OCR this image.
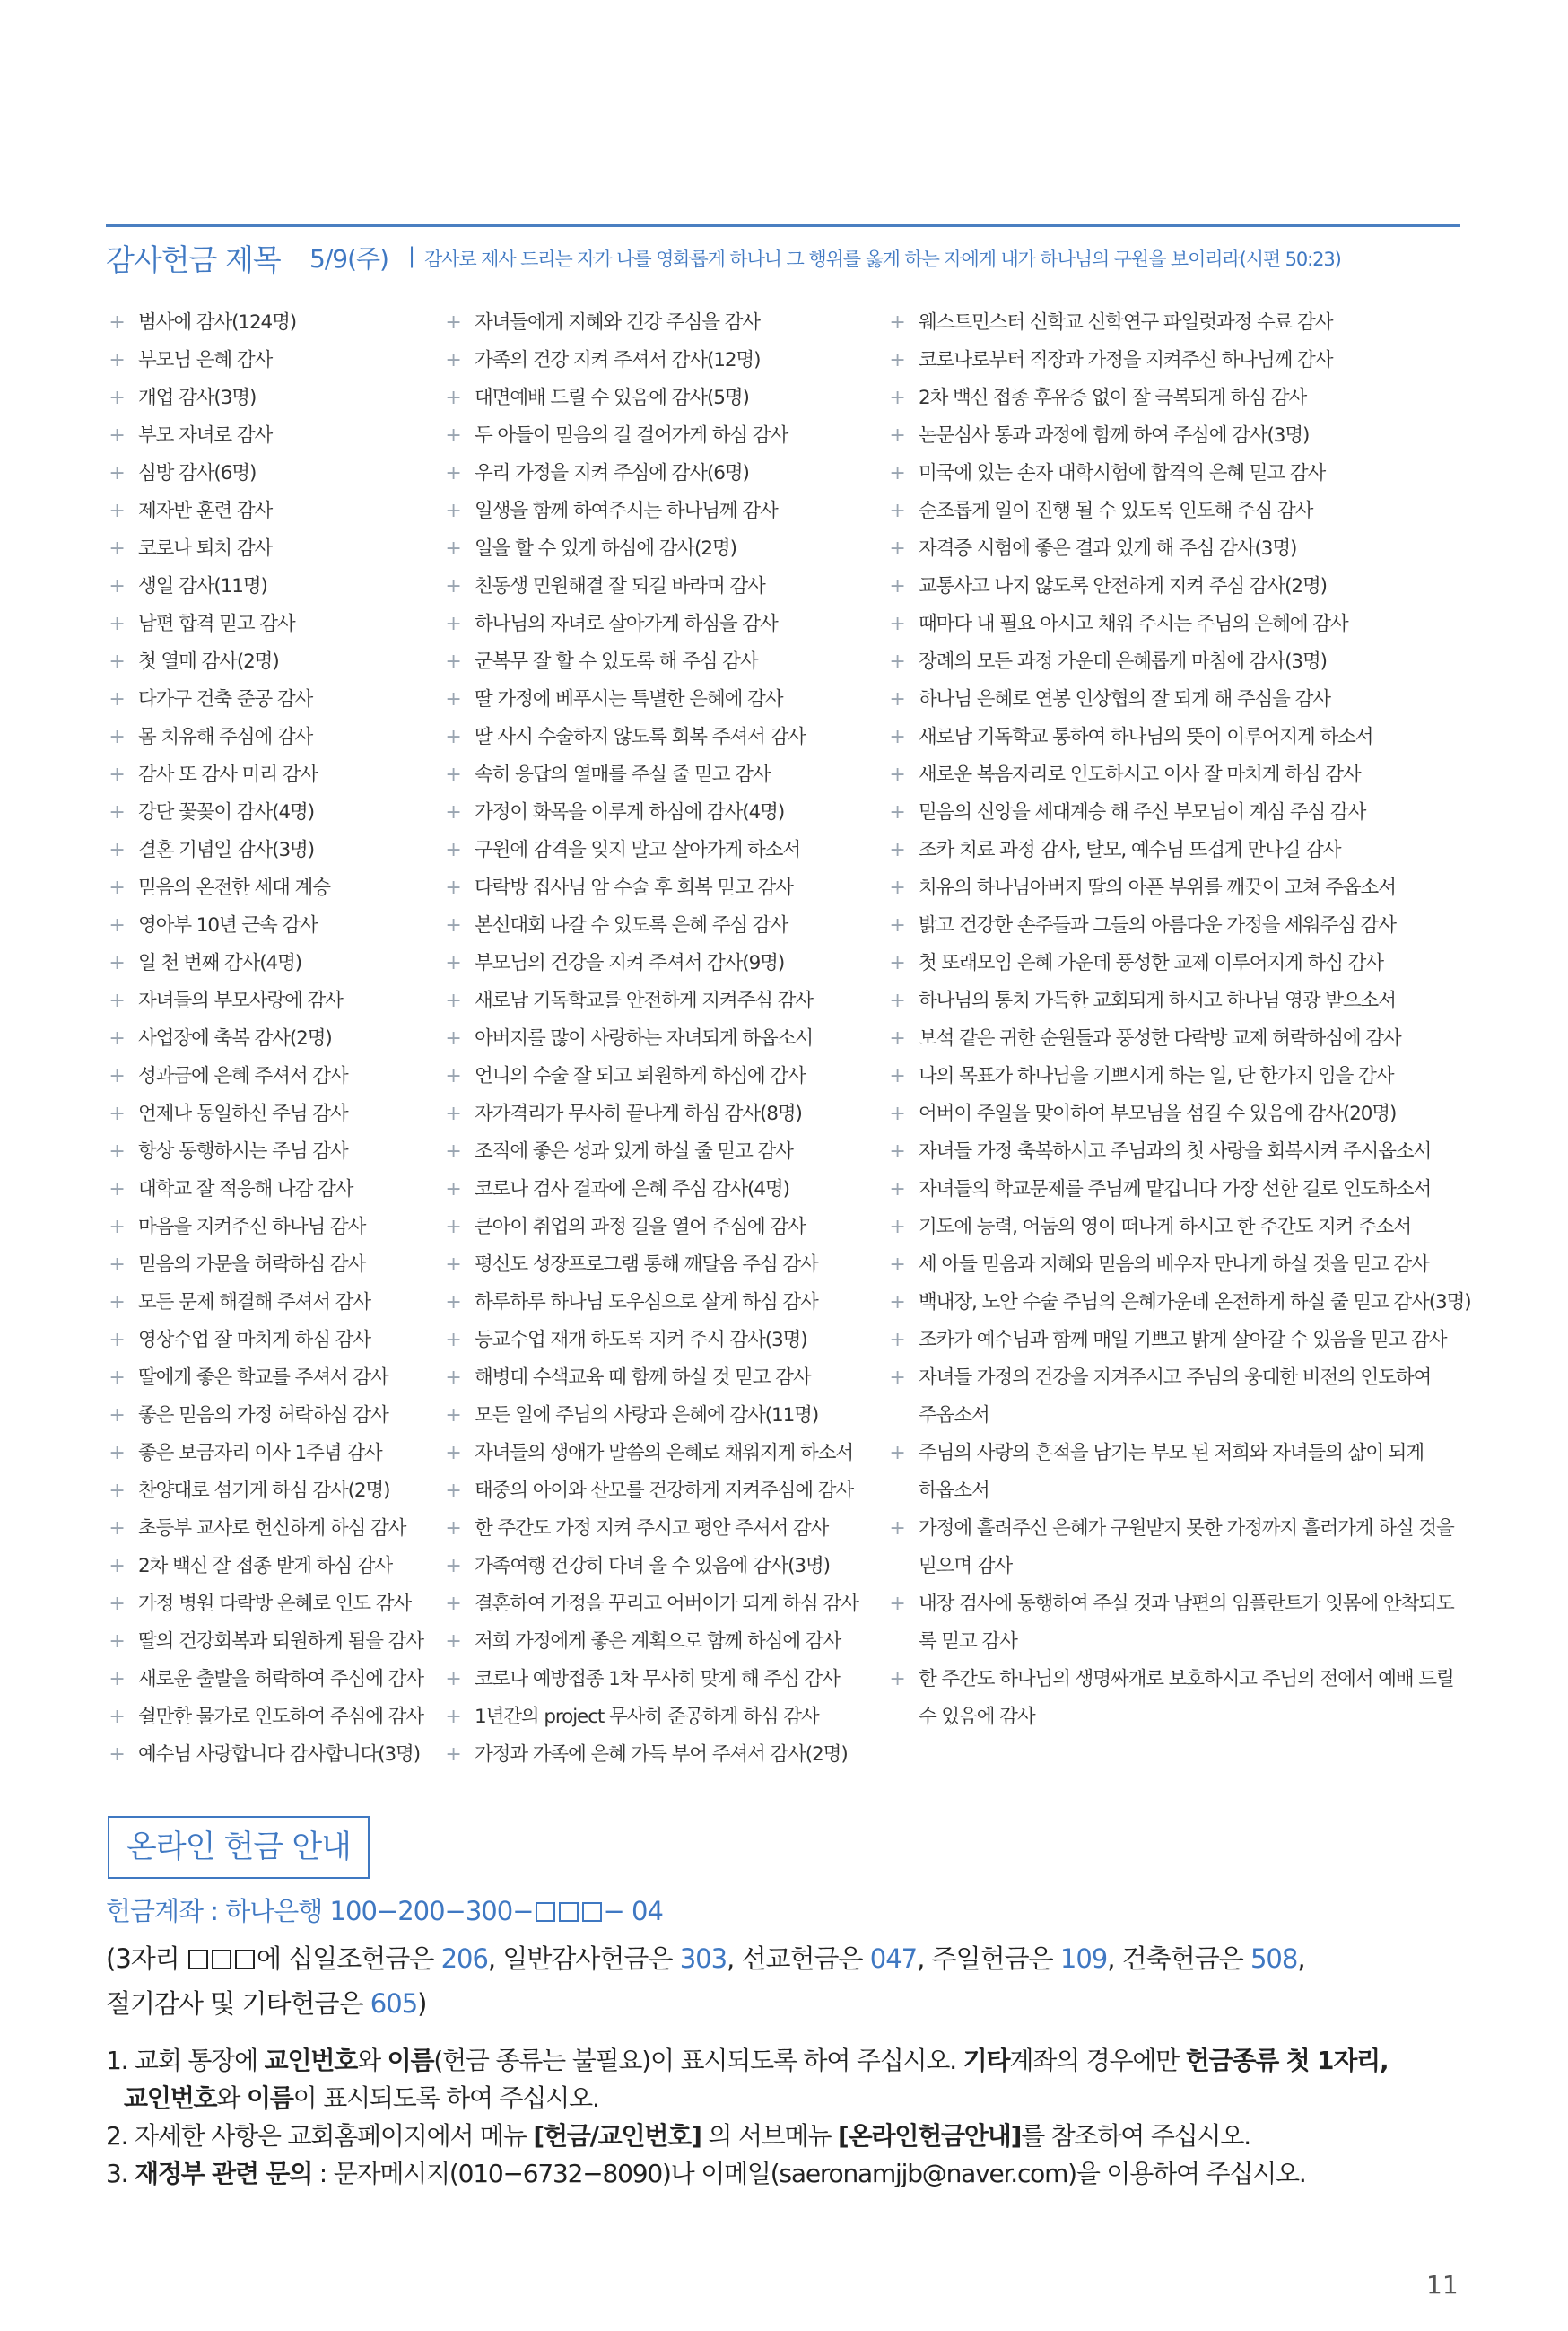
감사헌금 제목 5/9(주) | 감사로 제사 드리는 자가 나를 영화롭게 하나니 그 행위를 옳게 하는 자에게 내가 하나님의 구원을 보이리라(시편 50:23)
+ 범사에 감사(124명)
+ 부모님 은혜 감사
+ 개업 감사(3명)
+ 부모 자녀로 감사
+ 심방 감사(6명)
+ 제자반 훈련 감사
+ 코로나 퇴치 감사
+ 생일 감사(11명)
+ 남편 합격 믿고 감사
+ 첫 열매 감사(2명)
+ 다가구 건축 준공 감사
+ 몸 치유해 주심에 감사
+ 감사 또 감사 미리 감사
+ 강단 꽃꽂이 감사(4명)
+ 결혼 기념일 감사(3명)
+ 믿음의 온전한 세대 계승
+ 영아부 10년 근속 감사
+ 일 천 번째 감사(4명)
+ 자녀들의 부모사랑에 감사
+ 사업장에 축복 감사(2명)
+ 성과금에 은혜 주셔서 감사
+ 언제나 동일하신 주님 감사
+ 항상 동행하시는 주님 감사
+ 대학교 잘 적응해 나감 감사
+ 마음을 지켜주신 하나님 감사
+ 믿음의 가문을 허락하심 감사
+ 모든 문제 해결해 주셔서 감사
+ 영상수업 잘 마치게 하심 감사
+ 딸에게 좋은 학교를 주셔서 감사
+ 좋은 믿음의 가정 허락하심 감사
+ 좋은 보금자리 이사 1주념 감사
+ 찬양대로 섬기게 하심 감사(2명)
+ 초등부 교사로 헌신하게 하심 감사
+ 2차 백신 잘 접종 받게 하심 감사
+ 가정 병원 다락방 은혜로 인도 감사
+ 딸의 건강회복과 퇴원하게 됨을 감사
+ 새로운 출발을 허락하여 주심에 감사
+ 쉴만한 물가로 인도하여 주심에 감사
+ 예수님 사랑합니다 감사합니다(3명)
+ 자녀들에게 지혜와 건강 주심을 감사
+ 가족의 건강 지켜 주셔서 감사(12명)
+ 대면예배 드릴 수 있음에 감사(5명)
+ 두 아들이 믿음의 길 걸어가게 하심 감사
+ 우리 가정을 지켜 주심에 감사(6명)
+ 일생을 함께 하여주시는 하나님께 감사
+ 일을 할 수 있게 하심에 감사(2명)
+ 친동생 민원해결 잘 되길 바라며 감사
+ 하나님의 자녀로 살아가게 하심을 감사
+ 군복무 잘 할 수 있도록 해 주심 감사
+ 딸 가정에 베푸시는 특별한 은혜에 감사
+ 딸 사시 수술하지 않도록 회복 주셔서 감사
+ 속히 응답의 열매를 주실 줄 믿고 감사
+ 가정이 화목을 이루게 하심에 감사(4명)
+ 구원에 감격을 잊지 말고 살아가게 하소서
+ 다락방 집사님 암 수술 후 회복 믿고 감사
+ 본선대회 나갈 수 있도록 은혜 주심 감사
+ 부모님의 건강을 지켜 주셔서 감사(9명)
+ 새로남 기독학교를 안전하게 지켜주심 감사
+ 아버지를 많이 사랑하는 자녀되게 하옵소서
+ 언니의 수술 잘 되고 퇴원하게 하심에 감사
+ 자가격리가 무사히 끝나게 하심 감사(8명)
+ 조직에 좋은 성과 있게 하실 줄 믿고 감사
+ 코로나 검사 결과에 은혜 주심 감사(4명)
+ 큰아이 취업의 과정 길을 열어 주심에 감사
+ 평신도 성장프로그램 통해 깨달음 주심 감사
+ 하루하루 하나님 도우심으로 살게 하심 감사
+ 등교수업 재개 하도록 지켜 주시 감사(3명)
+ 해병대 수색교육 때 함께 하실 것 믿고 감사
+ 모든 일에 주님의 사랑과 은혜에 감사(11명)
+ 자녀들의 생애가 말씀의 은혜로 채워지게 하소서
+ 태중의 아이와 산모를 건강하게 지켜주심에 감사
+ 한 주간도 가정 지켜 주시고 평안 주셔서 감사
+ 가족여행 건강히 다녀 올 수 있음에 감사(3명)
+ 결혼하여 가정을 꾸리고 어버이가 되게 하심 감사
+ 저희 가정에게 좋은 계획으로 함께 하심에 감사
+ 코로나 예방접종 1차 무사히 맞게 해 주심 감사
+ 1년간의 project 무사히 준공하게 하심 감사
+ 가정과 가족에 은혜 가득 부어 주셔서 감사(2명)
+ 웨스트민스터 신학교 신학연구 파일럿과정 수료 감사
+ 코로나로부터 직장과 가정을 지켜주신 하나님께 감사
+ 2차 백신 접종 후유증 없이 잘 극복되게 하심 감사
+ 논문심사 통과 과정에 함께 하여 주심에 감사(3명)
+ 미국에 있는 손자 대학시험에 합격의 은혜 믿고 감사
+ 순조롭게 일이 진행 될 수 있도록 인도해 주심 감사
+ 자격증 시험에 좋은 결과 있게 해 주심 감사(3명)
+ 교통사고 나지 않도록 안전하게 지켜 주심 감사(2명)
+ 때마다 내 필요 아시고 채워 주시는 주님의 은혜에 감사
+ 장례의 모든 과정 가운데 은혜롭게 마침에 감사(3명)
+ 하나님 은혜로 연봉 인상협의 잘 되게 해 주심을 감사
+ 새로남 기독학교 통하여 하나님의 뜻이 이루어지게 하소서
+ 새로운 복음자리로 인도하시고 이사 잘 마치게 하심 감사
+ 믿음의 신앙을 세대계승 해 주신 부모님이 계심 주심 감사
+ 조카 치료 과정 감사, 탈모, 예수님 뜨겁게 만나길 감사
+ 치유의 하나님아버지 딸의 아픈 부위를 깨끗이 고쳐 주옵소서
+ 밝고 건강한 손주들과 그들의 아름다운 가정을 세워주심 감사
+ 첫 또래모임 은혜 가운데 풍성한 교제 이루어지게 하심 감사
+ 하나님의 통치 가득한 교회되게 하시고 하나님 영광 받으소서
+ 보석 같은 귀한 순원들과 풍성한 다락방 교제 허락하심에 감사
+ 나의 목표가 하나님을 기쁘시게 하는 일, 단 한가지 임을 감사
+ 어버이 주일을 맞이하여 부모님을 섬길 수 있음에 감사(20명)
+ 자녀들 가정 축복하시고 주님과의 첫 사랑을 회복시켜 주시옵소서
+ 자녀들의 학교문제를 주님께 맡깁니다 가장 선한 길로 인도하소서
+ 기도에 능력, 어둠의 영이 떠나게 하시고 한 주간도 지켜 주소서
+ 세 아들 믿음과 지혜와 믿음의 배우자 만나게 하실 것을 믿고 감사
+ 백내장, 노안 수술 주님의 은혜가운데 온전하게 하실 줄 믿고 감사(3명)
+ 조카가 예수님과 함께 매일 기쁘고 밝게 살아갈 수 있음을 믿고 감사
+ 자녀들 가정의 건강을 지켜주시고 주님의 웅대한 비전의 인도하여
주옵소서
+ 주님의 사랑의 흔적을 남기는 부모 된 저희와 자녀들의 삶이 되게
하옵소서
+ 가정에 흘려주신 은혜가 구원받지 못한 가정까지 흘러가게 하실 것을
믿으며 감사
+ 내장 검사에 동행하여 주실 것과 남편의 임플란트가 잇몸에 안착되도
록 믿고 감사
+ 한 주간도 하나님의 생명싸개로 보호하시고 주님의 전에서 예배 드릴
수 있음에 감사
온라인 헌금 안내
헌금계좌 : 하나은행 100−200−300−	− 04
(3자리	에 십일조헌금은 206, 일반감사헌금은 303, 선교헌금은 047, 주일헌금은 109, 건축헌금은 508,
절기감사 및 기타헌금은 605)
1. 교회 통장에 교인번호와 이름(헌금 종류는 불필요)이 표시되도록 하여 주십시오. 기타계좌의 경우에만 헌금종류 첫 1자리,
교인번호와 이름이 표시되도록 하여 주십시오.
2. 자세한 사항은 교회홈페이지에서 메뉴 [헌금/교인번호] 의 서브메뉴 [온라인헌금안내]를 참조하여 주십시오.
3. 재정부 관련 문의 : 문자메시지(010−6732−8090)나 이메일(saeronamjjb@naver.com)을 이용하여 주십시오.
11
